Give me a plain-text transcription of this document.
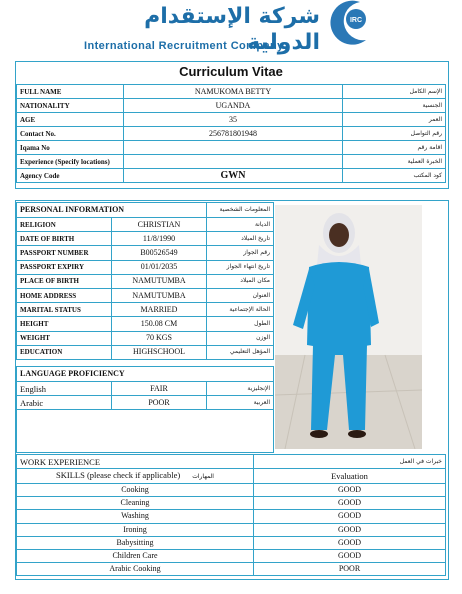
شركة الإستقدام الدولية
International Recruitment Company
IRC
Curriculum Vitae
FULL NAME	NAMUKOMA BETTY	الإسم الكامل
NATIONALITY	UGANDA	الجنسية
AGE	35	العمر
Contact No.	256781801948	رقم التواصل
Iqama No		اقامة رقم
Experience (Specify locations)		الخبرة العملية
Agency Code	GWN	كود المكتب
PERSONAL INFORMATION		المعلومات الشخصية
RELIGION	CHRISTIAN	الديانة
DATE OF BIRTH	11/8/1990	تاريخ الميلاد
PASSPORT NUMBER	B00526549	رقم الجواز
PASSPORT EXPIRY	01/01/2035	تاريخ انتهاء الجواز
PLACE OF BIRTH	NAMUTUMBA	مكان الميلاد
HOME ADDRESS	NAMUTUMBA	العنوان
MARITAL STATUS	MARRIED	الحالة الإجتماعية
HEIGHT	150.08 CM	الطول
WEIGHT	70 KGS	الوزن
EDUCATION	HIGHSCHOOL	المؤهل التعليمي
LANGUAGE PROFICIENCY		
English	FAIR	الإنجليزية
Arabic	POOR	العربية

WORK EXPERIENCE	خبرات في العمل
SKILLS (please check if applicable) المهارات	Evaluation
Cooking	GOOD
Cleaning	GOOD
Washing	GOOD
Ironing	GOOD
Babysitting	GOOD
Children Care	GOOD
Arabic Cooking	POOR
